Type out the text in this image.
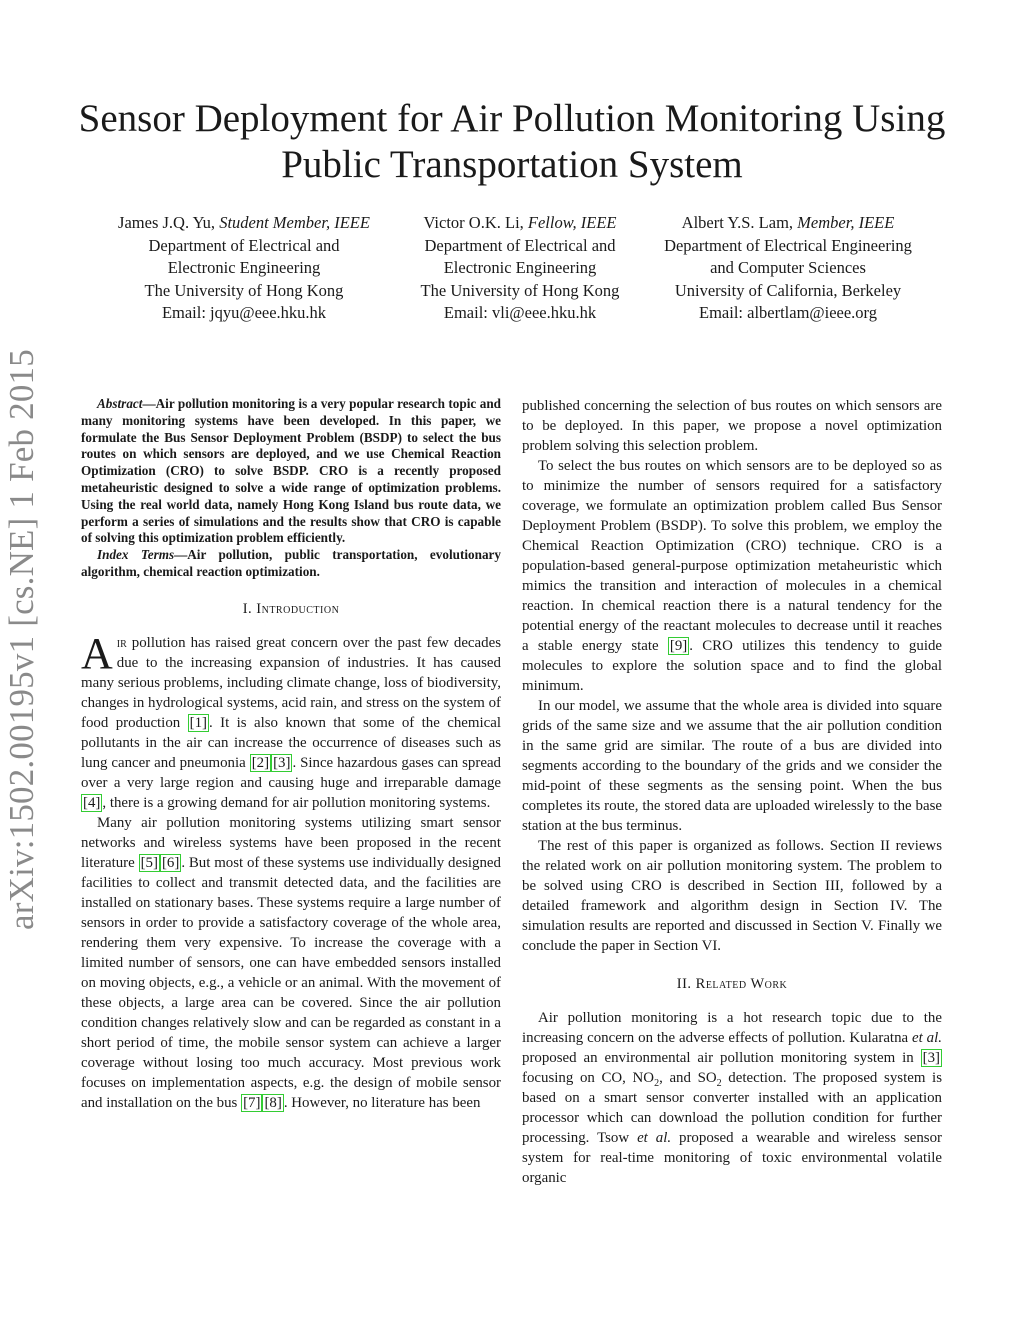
Sensor Deployment for Air Pollution Monitoring Using Public Transportation System
James J.Q. Yu, Student Member, IEEE
Department of Electrical and
Electronic Engineering
The University of Hong Kong
Email: jqyu@eee.hku.hk
Victor O.K. Li, Fellow, IEEE
Department of Electrical and
Electronic Engineering
The University of Hong Kong
Email: vli@eee.hku.hk
Albert Y.S. Lam, Member, IEEE
Department of Electrical Engineering
and Computer Sciences
University of California, Berkeley
Email: albertlam@ieee.org
arXiv:1502.00195v1 [cs.NE] 1 Feb 2015	Abstract—Air pollution monitoring is a very popular research topic and many monitoring systems have been developed. In this paper, we formulate the Bus Sensor Deployment Problem (BSDP) to select the bus routes on which sensors are deployed, and we use Chemical Reaction Optimization (CRO) to solve BSDP. CRO is a recently proposed metaheuristic designed to solve a wide range of optimization problems. Using the real world data, namely Hong Kong Island bus route data, we perform a series of simulations and the results show that CRO is capable of solving this optimization problem efficiently.

Index Terms—Air pollution, public transportation, evolutionary algorithm, chemical reaction optimization.

I. Introduction

Air pollution has raised great concern over the past few decades due to the increasing expansion of industries. It has caused many serious problems, including climate change, loss of biodiversity, changes in hydrological systems, acid rain, and stress on the system of food production [1] . It is also known that some of the chemical pollutants in the air can increase the occurrence of diseases such as lung cancer and pneumonia [2] [3] . Since hazardous gases can spread over a very large region and causing huge and irreparable damage [4] , there is a growing demand for air pollution monitoring systems.

Many air pollution monitoring systems utilizing smart sensor networks and wireless systems have been proposed in the recent literature [5] [6] . But most of these systems use individually designed facilities to collect and transmit detected data, and the facilities are installed on stationary bases. These systems require a large number of sensors in order to provide a satisfactory coverage of the whole area, rendering them very expensive. To increase the coverage with a limited number of sensors, one can have embedded sensors installed on moving objects, e.g., a vehicle or an animal. With the movement of these objects, a large area can be covered. Since the air pollution condition changes relatively slow and can be regarded as constant in a short period of time, the mobile sensor system can achieve a larger coverage without losing too much accuracy. Most previous work focuses on implementation aspects, e.g. the design of mobile sensor and installation on the bus [7] [8] . However, no literature has been

published concerning the selection of bus routes on which sensors are to be deployed. In this paper, we propose a novel optimization problem solving this selection problem.

To select the bus routes on which sensors are to be deployed so as to minimize the number of sensors required for a satisfactory coverage, we formulate an optimization problem called Bus Sensor Deployment Problem (BSDP). To solve this problem, we employ the Chemical Reaction Optimization (CRO) technique. CRO is a population-based general-purpose optimization metaheuristic which mimics the transition and interaction of molecules in a chemical reaction. In chemical reaction there is a natural tendency for the potential energy of the reactant molecules to decrease until it reaches a stable energy state [9] . CRO utilizes this tendency to guide molecules to explore the solution space and to find the global minimum.

In our model, we assume that the whole area is divided into square grids of the same size and we assume that the air pollution condition in the same grid are similar. The route of a bus are divided into segments according to the boundary of the grids and we consider the mid-point of these segments as the sensing point. When the bus completes its route, the stored data are uploaded wirelessly to the base station at the bus terminus.

The rest of this paper is organized as follows. Section II reviews the related work on air pollution monitoring system. The problem to be solved using CRO is described in Section III, followed by a detailed framework and algorithm design in Section IV. The simulation results are reported and discussed in Section V. Finally we conclude the paper in Section VI.

II. Related Work

Air pollution monitoring is a hot research topic due to the increasing concern on the adverse effects of pollution. Kularatna et al. proposed an environmental air pollution monitoring system in [3] focusing on CO, $NO_2$, and $SO_2$ detection. The proposed system is based on a smart sensor converter installed with an application processor which can download the pollution condition for further processing. Tsow et al. proposed a wearable and wireless sensor system for real-time monitoring of toxic environmental volatile organic
